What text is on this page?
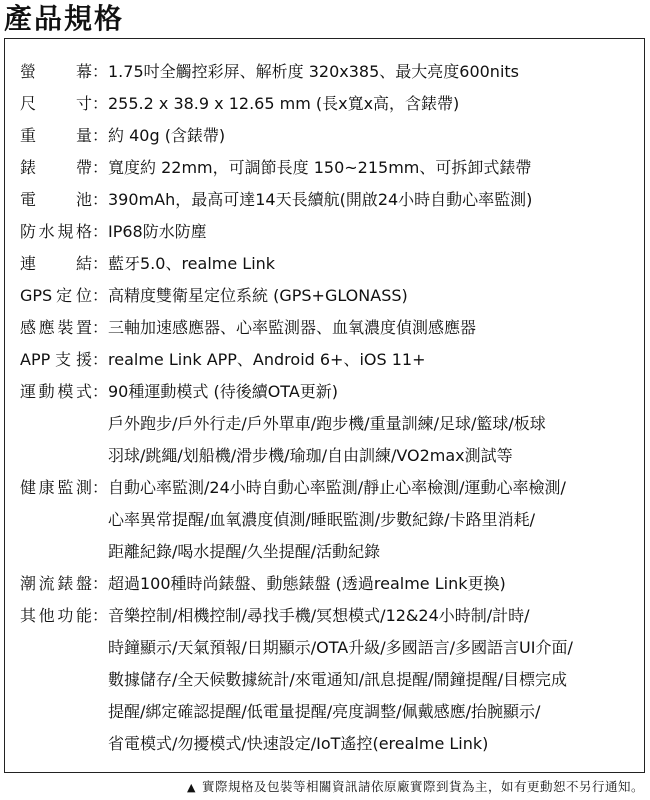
產品規格
螢　　幕 ： 1.75吋全觸控彩屏、解析度 320x385、最大亮度600nits
尺　　寸 ： 255.2 x 38.9 x 12.65 mm (長x寬x高，含錶帶)
重　　量 ： 約 40g (含錶帶)
錶　　帶 ： 寬度約 22mm，可調節長度 150~215mm、可拆卸式錶帶
電　　池 ： 390mAh，最高可達14天長續航(開啟24小時自動心率監測)
防水規格 ： IP68防水防塵
連　　結 ： 藍牙5.0、realme Link
GPS定位 ： 高精度雙衛星定位系統 (GPS+GLONASS)
感應裝置 ： 三軸加速感應器、心率監測器、血氧濃度偵測感應器
APP支援 ： realme Link APP、Android 6+、iOS 11+
運動模式 ： 90種運動模式 (待後續OTA更新)
戶外跑步/戶外行走/戶外單車/跑步機/重量訓練/足球/籃球/板球
羽球/跳繩/划船機/滑步機/瑜珈/自由訓練/VO2max測試等
健康監測 ： 自動心率監測/24小時自動心率監測/靜止心率檢測/運動心率檢測/
心率異常提醒/血氧濃度偵測/睡眠監測/步數紀錄/卡路里消耗/
距離紀錄/喝水提醒/久坐提醒/活動紀錄
潮流錶盤 ： 超過100種時尚錶盤、動態錶盤 (透過realme Link更換)
其他功能 ： 音樂控制/相機控制/尋找手機/冥想模式/12&24小時制/計時/
時鐘顯示/天氣預報/日期顯示/OTA升級/多國語言/多國語言UI介面/
數據儲存/全天候數據統計/來電通知/訊息提醒/鬧鐘提醒/目標完成
提醒/綁定確認提醒/低電量提醒/亮度調整/佩戴感應/抬腕顯示/
省電模式/勿擾模式/快速設定/IoT遙控(erealme Link)
▲ 實際規格及包裝等相關資訊請依原廠實際到貨為主，如有更動恕不另行通知。
